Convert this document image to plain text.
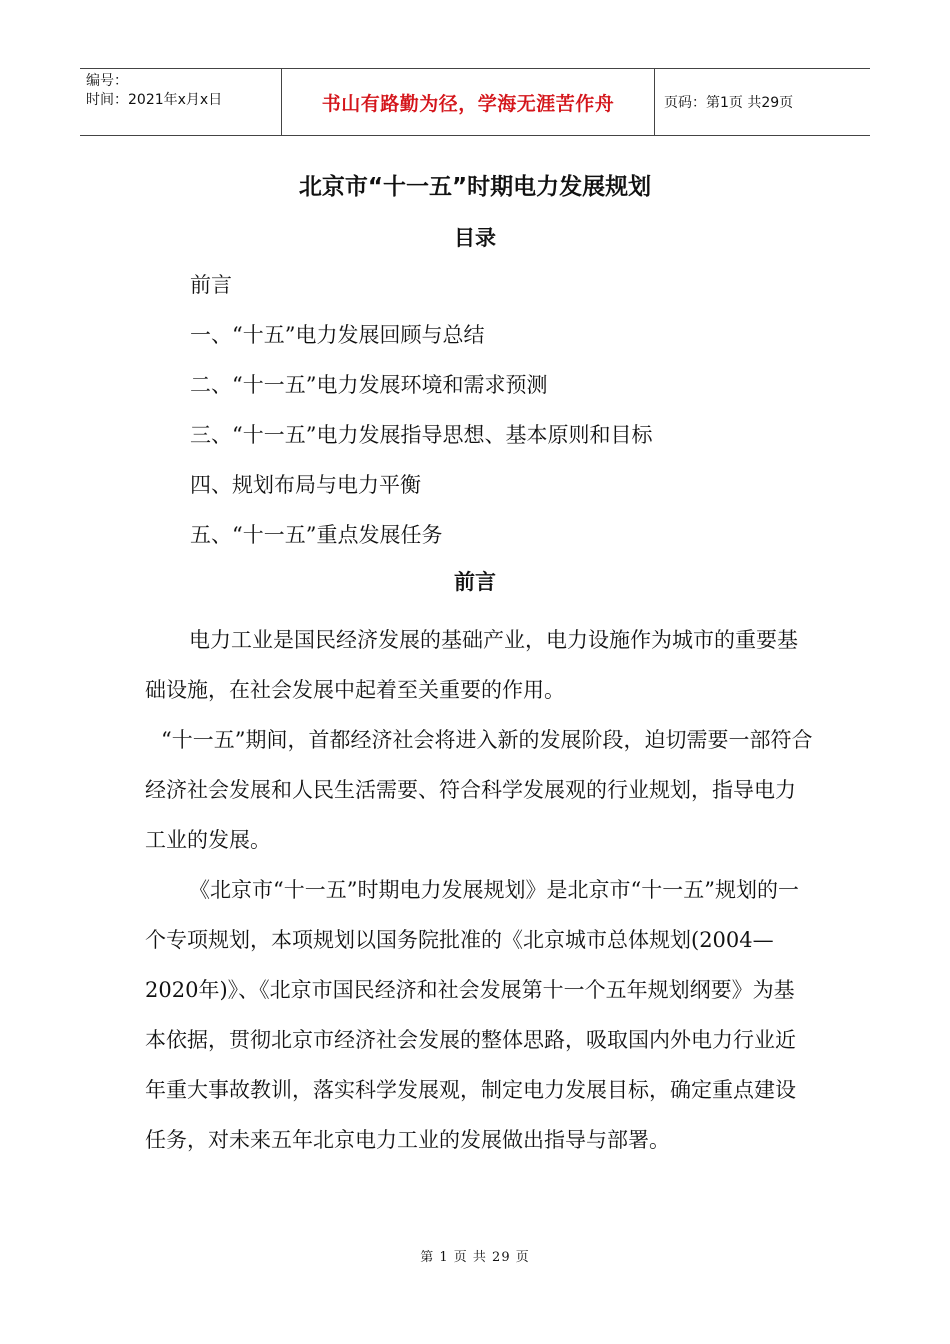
编号：
时间：2021年x月x日	书山有路勤为径，学海无涯苦作舟	页码：第1页 共29页
北京市“十一五”时期电力发展规划
目录
前言
一、“十五”电力发展回顾与总结
二、“十一五”电力发展环境和需求预测
三、“十一五”电力发展指导思想、基本原则和目标
四、规划布局与电力平衡
五、“十一五”重点发展任务
前言

电力工业是国民经济发展的基础产业，电力设施作为城市的重要基础设施，在社会发展中起着至关重要的作用。

“十一五”期间，首都经济社会将进入新的发展阶段，迫切需要一部符合经济社会发展和人民生活需要、符合科学发展观的行业规划，指导电力工业的发展。

《北京市“十一五”时期电力发展规划》是北京市“十一五”规划的一个专项规划，本项规划以国务院批准的《北京城市总体规划(2004—2020年)》、《北京市国民经济和社会发展第十一个五年规划纲要》为基本依据，贯彻北京市经济社会发展的整体思路，吸取国内外电力行业近年重大事故教训，落实科学发展观，制定电力发展目标，确定重点建设任务，对未来五年北京电力工业的发展做出指导与部署。

第 1 页 共 29 页
